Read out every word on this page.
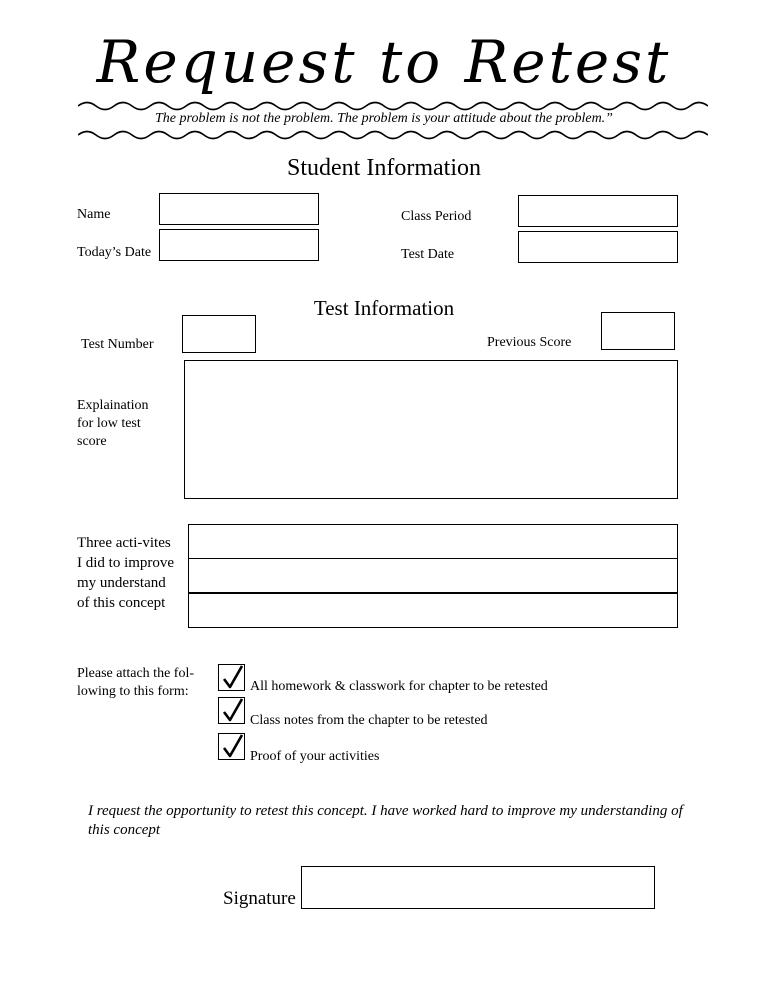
Request to Retest
The problem is not the problem. The problem is your attitude about the problem.”
Student Information
Name
Today’s Date
Class Period
Test Date
Test Information
Test Number	Previous Score
Explaination for low test score
Three acti-vites I did to improve my understand of this concept
Please attach the fol-lowing to this form:	All homework & classwork for chapter to be retested
Class notes from the chapter to be retested
Proof of your activities
I request the opportunity to retest this concept. I have worked hard to improve my understanding of this concept
Signature
